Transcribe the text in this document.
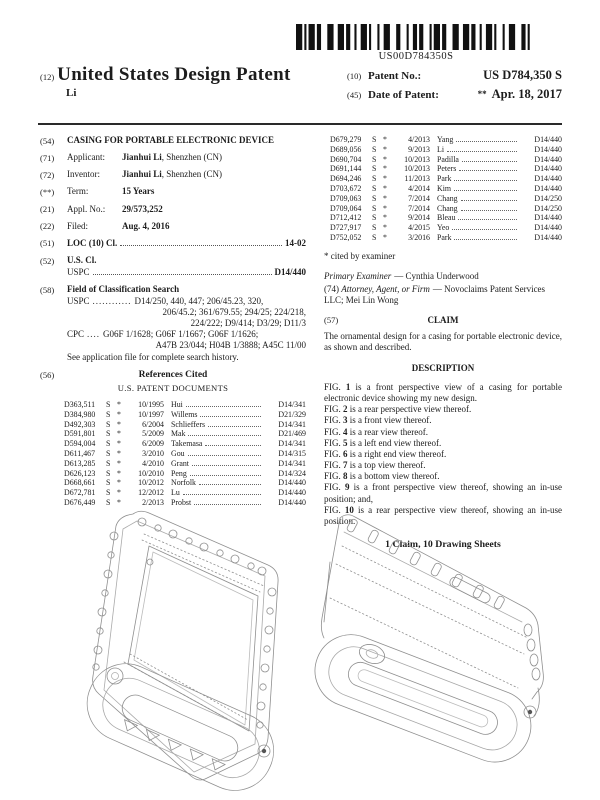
US00D784350S
(12) United States Design Patent
Li
(10) Patent No.:	US D784,350 S
(45) Date of Patent:	** Apr. 18, 2017
(54)	CASING FOR PORTABLE ELECTRONIC DEVICE
(71)	Applicant: Jianhui Li, Shenzhen (CN)
(72)	Inventor: Jianhui Li, Shenzhen (CN)
(**)	Term:	15 Years
(21)	Appl. No.: 29/573,252
(22)	Filed:	Aug. 4, 2016
(51)	LOC (10) Cl.	14-02
(52)	U.S. Cl.
USPC	D14/440
(58)	Field of Classification Search
USPC ............ D14/250, 440, 447; 206/45.23, 320,
206/45.2; 361/679.55; 294/25; 224/218,
224/222; D9/414; D3/29; D11/3
CPC .... G06F 1/1628; G06F 1/1667; G06F 1/1626;
A47B 23/044; H04B 1/3888; A45C 11/00
See application file for complete search history.
(56)	References Cited
U.S. PATENT DOCUMENTS
D363,511	S *	10/1995 Hui	D14/341
D384,980	S *	10/1997 Willems	D21/329
D492,303	S *	6/2004 Schlieffers	D14/341
D591,801	S *	5/2009 Mak	D21/469
D594,004	S *	6/2009 Takemasa	D14/341
D611,467	S *	3/2010 Gou	D14/315
D613,285	S *	4/2010 Grant	D14/341
D626,123	S *	10/2010 Peng	D14/324
D668,661	S *	10/2012 Norfolk	D14/440
D672,781	S *	12/2012 Lu	D14/440
D676,449	S *	2/2013 Probst	D14/440
D679,279	S *	4/2013 Yang	D14/440
D689,056	S *	9/2013 Li	D14/440
D690,704	S *	10/2013 Padilla	D14/440
D691,144	S *	10/2013 Peters	D14/440
D694,246	S *	11/2013 Park	D14/440
D703,672	S *	4/2014 Kim	D14/440
D709,063	S *	7/2014 Chang	D14/250
D709,064	S *	7/2014 Chang	D14/250
D712,412	S *	9/2014 Bleau	D14/440
D727,917	S *	4/2015 Yeo	D14/440
D752,052	S *	3/2016 Park	D14/440
* cited by examiner

Primary Examiner — Cynthia Underwood

(74) Attorney, Agent, or Firm — Novoclaims Patent Services LLC; Mei Lin Wong

(57)	CLAIM

The ornamental design for a casing for portable electronic device, as shown and described.

DESCRIPTION

FIG. 1 is a front perspective view of a casing for portable electronic device showing my new design.

FIG. 2 is a rear perspective view thereof.

FIG. 3 is a front view thereof.

FIG. 4 is a rear view thereof.

FIG. 5 is a left end view thereof.

FIG. 6 is a right end view thereof.

FIG. 7 is a top view thereof.

FIG. 8 is a bottom view thereof.

FIG. 9 is a front perspective view thereof, showing an in-use position; and,

FIG. 10 is a rear perspective view thereof, showing an in-use position.

1 Claim, 10 Drawing Sheets
